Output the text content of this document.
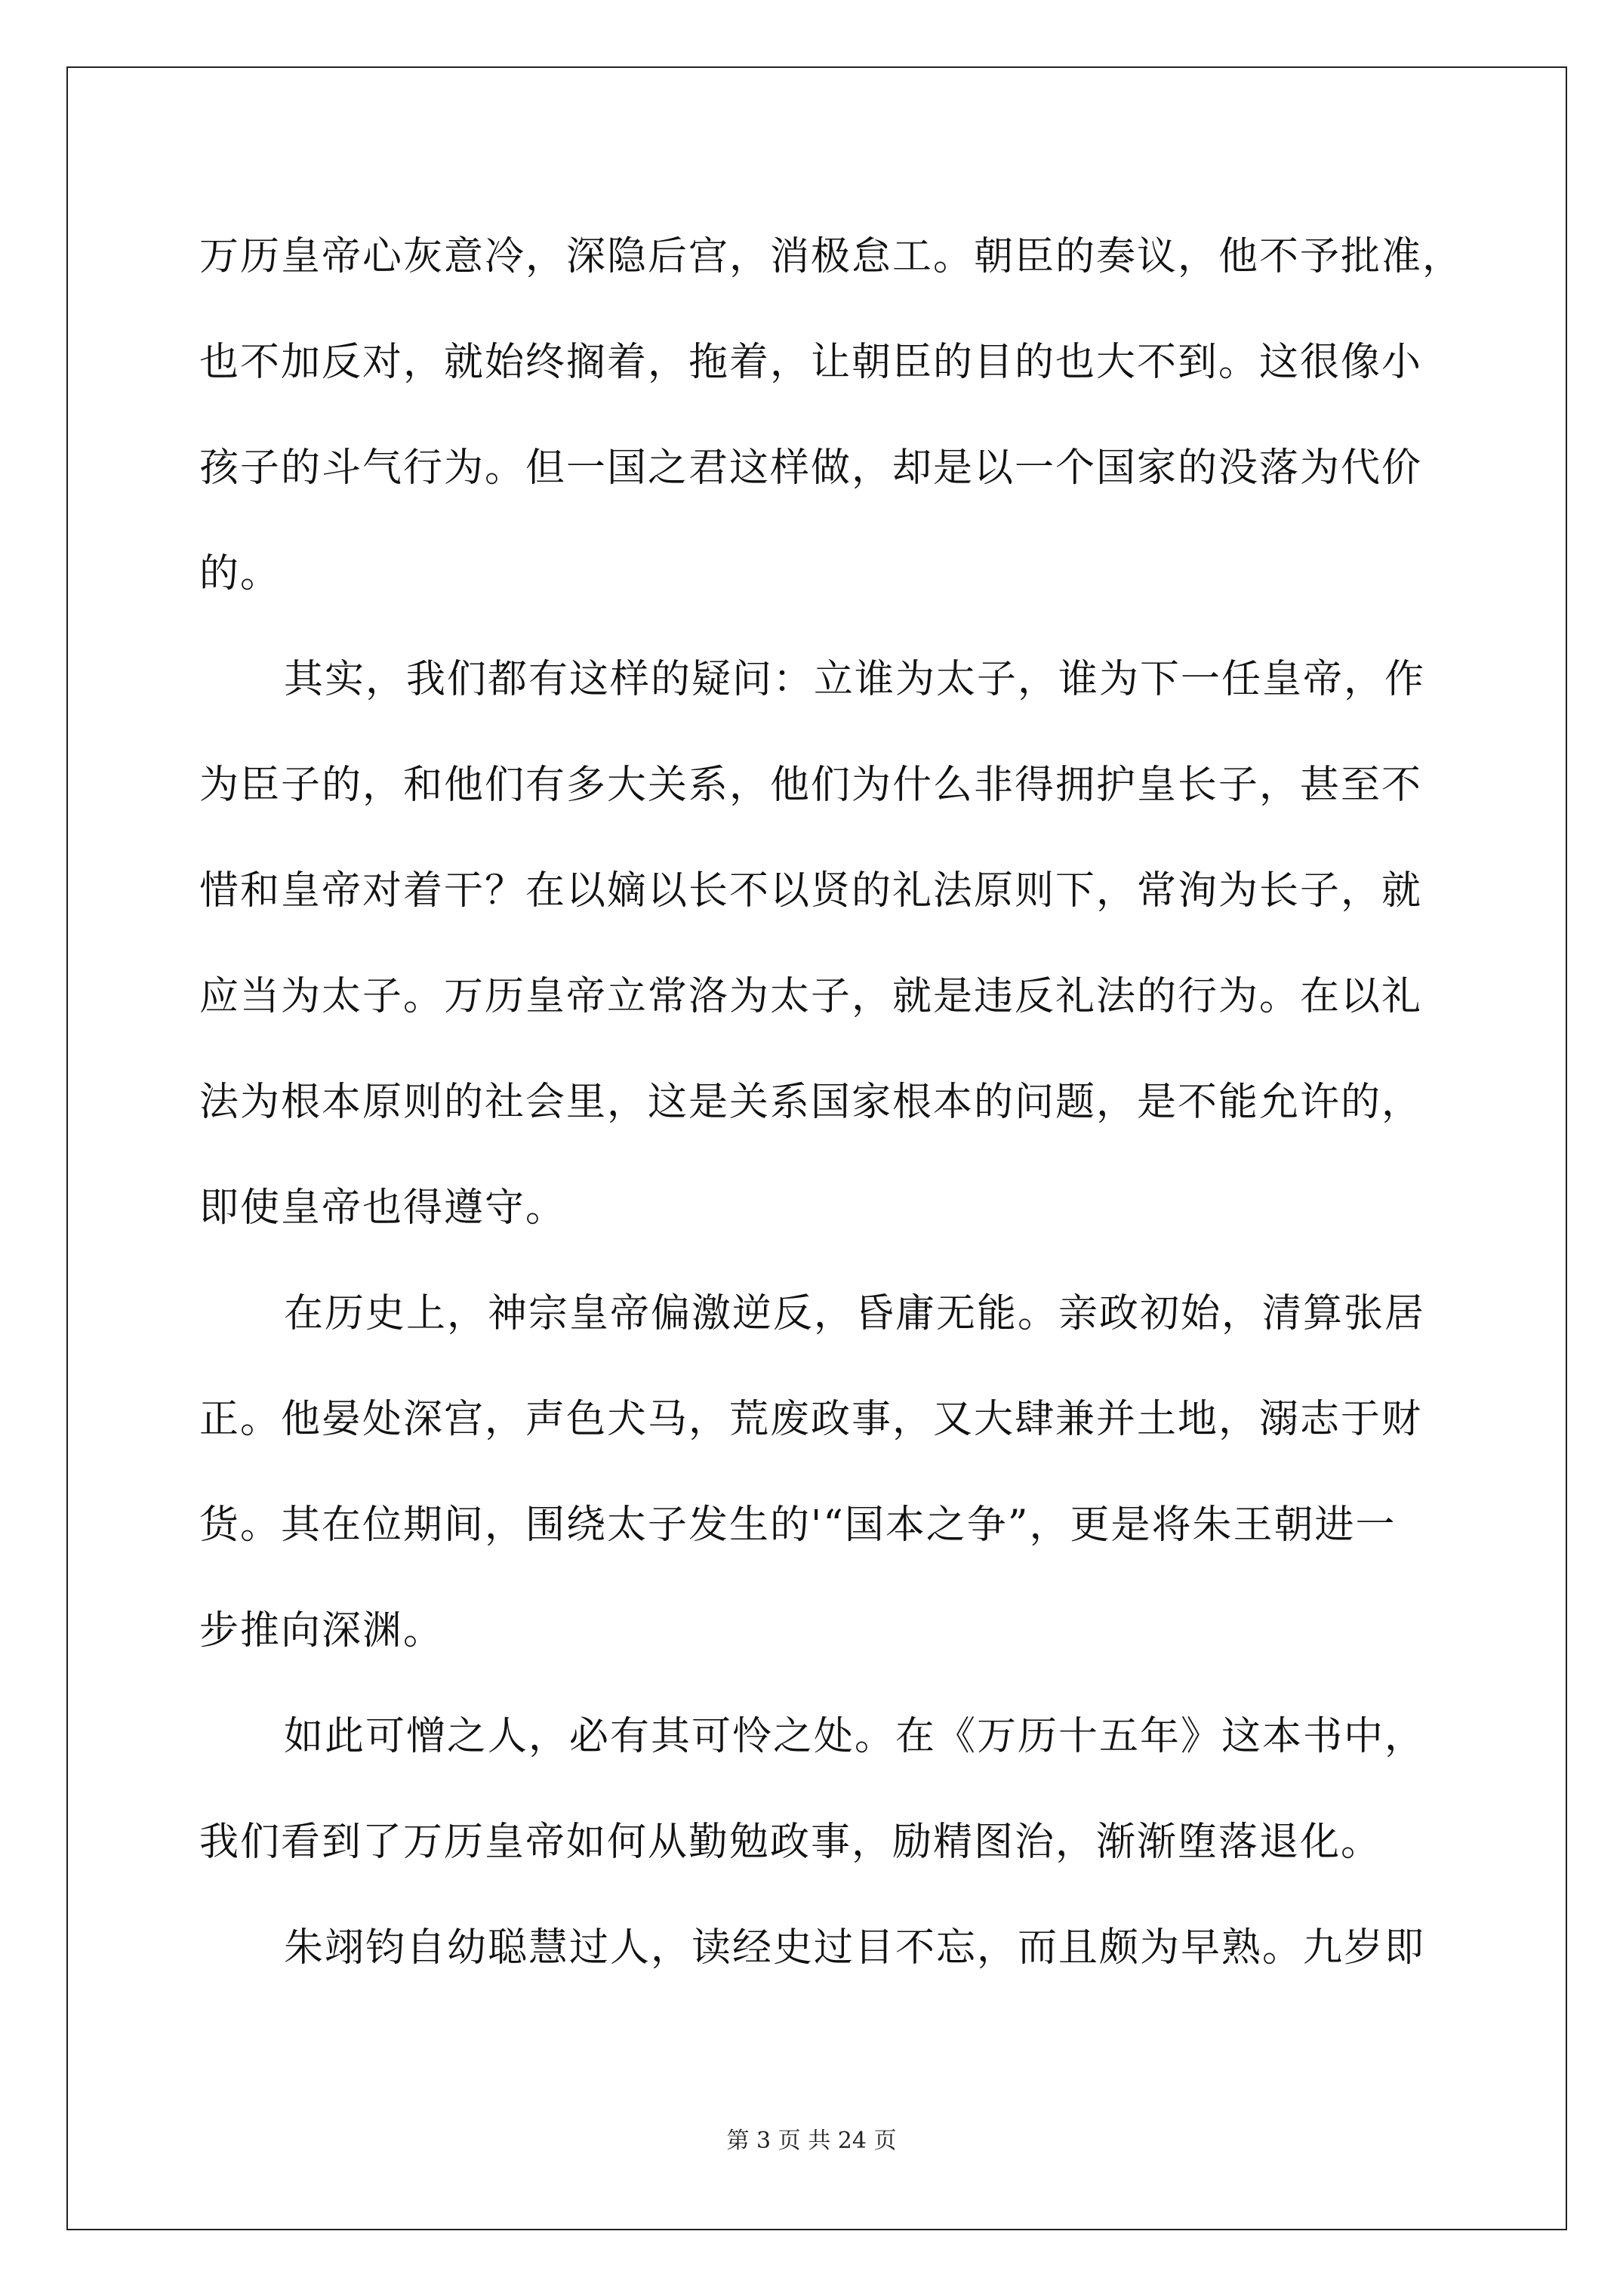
万历皇帝心灰意冷，深隐后宫，消极怠工。朝臣的奏议，他不予批准，
也不加反对，就始终搁着，拖着，让朝臣的目的也大不到。这很像小
孩子的斗气行为。但一国之君这样做，却是以一个国家的没落为代价
的。
其实，我们都有这样的疑问：立谁为太子，谁为下一任皇帝，作
为臣子的，和他们有多大关系，他们为什么非得拥护皇长子，甚至不
惜和皇帝对着干？在以嫡以长不以贤的礼法原则下，常洵为长子，就
应当为太子。万历皇帝立常洛为太子，就是违反礼法的行为。在以礼
法为根本原则的社会里，这是关系国家根本的问题，是不能允许的，
即使皇帝也得遵守。
在历史上，神宗皇帝偏激逆反，昏庸无能。亲政初始，清算张居
正。他晏处深宫，声色犬马，荒废政事，又大肆兼并土地，溺志于财
货。其在位期间，围绕太子发生的'“国本之争”，更是将朱王朝进一
步推向深渊。
如此可憎之人，必有其可怜之处。在《万历十五年》这本书中，
我们看到了万历皇帝如何从勤勉政事，励精图治，渐渐堕落退化。
朱翊钧自幼聪慧过人，读经史过目不忘，而且颇为早熟。九岁即
第 3 页 共 24 页
